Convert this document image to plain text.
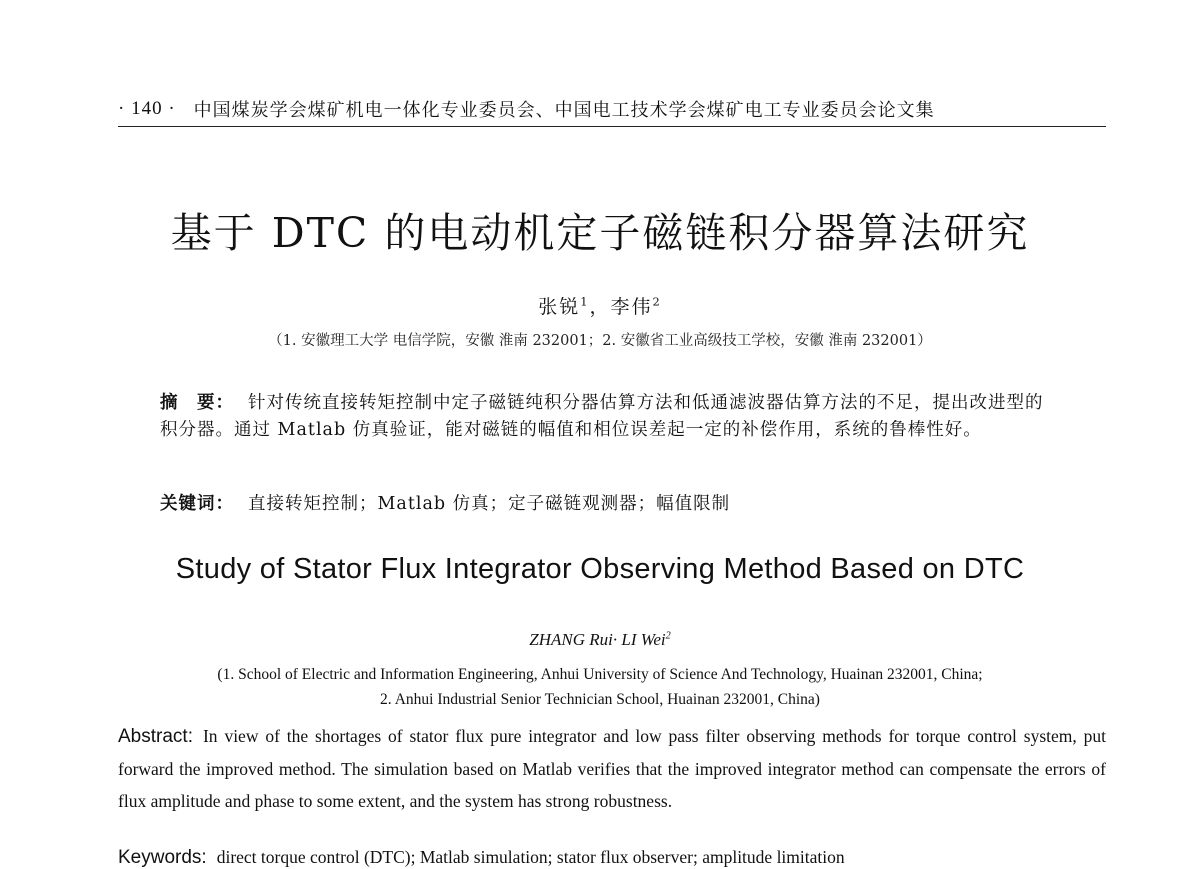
· 140 · 中国煤炭学会煤矿机电一体化专业委员会、中国电工技术学会煤矿电工专业委员会论文集
基于 DTC 的电动机定子磁链积分器算法研究
张锐$^1$，李伟$^2$
（1. 安徽理工大学 电信学院，安徽 淮南 232001；2. 安徽省工业高级技工学校，安徽 淮南 232001）
摘　要： 针对传统直接转矩控制中定子磁链纯积分器估算方法和低通滤波器估算方法的不足，提出改进型的积分器。通过 Matlab 仿真验证，能对磁链的幅值和相位误差起一定的补偿作用，系统的鲁棒性好。
关键词： 直接转矩控制；Matlab 仿真；定子磁链观测器；幅值限制
Study of Stator Flux Integrator Observing Method Based on DTC
ZHANG Rui· LI Wei$^2$
(1. School of Electric and Information Engineering, Anhui University of Science And Technology, Huainan 232001, China;
2. Anhui Industrial Senior Technician School, Huainan 232001, China)
Abstract: In view of the shortages of stator flux pure integrator and low pass filter observing methods for torque control system, put forward the improved method. The simulation based on Matlab verifies that the improved integrator method can compensate the errors of flux amplitude and phase to some extent, and the system has strong robustness.
Keywords: direct torque control (DTC); Matlab simulation; stator flux observer; amplitude limitation
